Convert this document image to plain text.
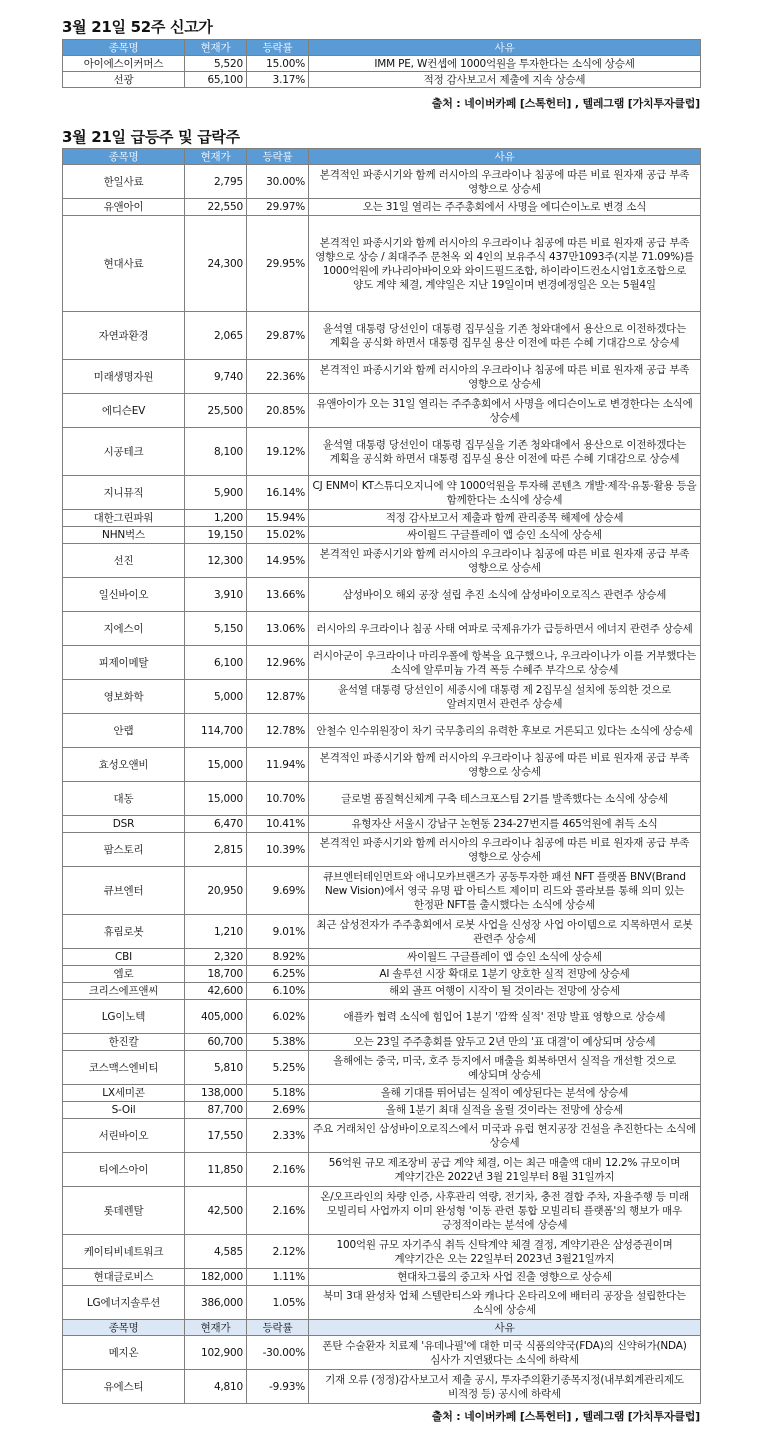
3월 21일 52주 신고가
종목명	현재가	등락률	사유
아이에스이커머스	5,520	15.00%	IMM PE, W컨셉에 1000억원을 투자한다는 소식에 상승세
선광	65,100	3.17%	적정 감사보고서 제출에 지속 상승세
출처 : 네이버카페 [스톡헌터] , 텔레그램 [가치투자클럽]
3월 21일 급등주 및 급락주
종목명	현재가	등락률	사유
한일사료	2,795	30.00%	본격적인 파종시기와 함께 러시아의 우크라이나 침공에 따른 비료 원자재 공급 부족 영향으로 상승세
유앤아이	22,550	29.97%	오는 31일 열리는 주주총회에서 사명을 에디슨이노로 변경 소식
현대사료	24,300	29.95%	본격적인 파종시기와 함께 러시아의 우크라이나 침공에 따른 비료 원자재 공급 부족 영향으로 상승 / 최대주주 문천옥 외 4인의 보유주식 437만1093주(지분 71.09%)를 1000억원에 카나리아바이오와 와이드필드조합, 하이라이드컨소시엄1호조합으로 양도 계약 체결, 계약일은 지난 19일이며 변경예정일은 오는 5월4일
자연과환경	2,065	29.87%	윤석열 대통령 당선인이 대통령 집무실을 기존 청와대에서 용산으로 이전하겠다는 계획을 공식화 하면서 대통령 집무실 용산 이전에 따른 수혜 기대감으로 상승세
미래생명자원	9,740	22.36%	본격적인 파종시기와 함께 러시아의 우크라이나 침공에 따른 비료 원자재 공급 부족 영향으로 상승세
에디슨EV	25,500	20.85%	유앤아이가 오는 31일 열리는 주주총회에서 사명을 에디슨이노로 변경한다는 소식에 상승세
시공테크	8,100	19.12%	윤석열 대통령 당선인이 대통령 집무실을 기존 청와대에서 용산으로 이전하겠다는 계획을 공식화 하면서 대통령 집무실 용산 이전에 따른 수혜 기대감으로 상승세
지니뮤직	5,900	16.14%	CJ ENM이 KT스튜디오지니에 약 1000억원을 투자해 콘텐츠 개발·제작·유통·활용 등을 함께한다는 소식에 상승세
대한그린파워	1,200	15.94%	적정 감사보고서 제출과 함께 관리종목 해제에 상승세
NHN벅스	19,150	15.02%	싸이월드 구글플레이 앱 승인 소식에 상승세
선진	12,300	14.95%	본격적인 파종시기와 함께 러시아의 우크라이나 침공에 따른 비료 원자재 공급 부족 영향으로 상승세
일신바이오	3,910	13.66%	삼성바이오 해외 공장 설립 추진 소식에 삼성바이오로직스 관련주 상승세
지에스이	5,150	13.06%	러시아의 우크라이나 침공 사태 여파로 국제유가가 급등하면서 에너지 관련주 상승세
피제이메탈	6,100	12.96%	러시아군이 우크라이나 마리우폴에 항복을 요구했으나, 우크라이나가 이를 거부했다는 소식에 알루미늄 가격 폭등 수혜주 부각으로 상승세
영보화학	5,000	12.87%	윤석열 대통령 당선인이 세종시에 대통령 제 2집무실 설치에 동의한 것으로 알려지면서 관련주 상승세
안랩	114,700	12.78%	안철수 인수위원장이 차기 국무총리의 유력한 후보로 거론되고 있다는 소식에 상승세
효성오앤비	15,000	11.94%	본격적인 파종시기와 함께 러시아의 우크라이나 침공에 따른 비료 원자재 공급 부족 영향으로 상승세
대동	15,000	10.70%	글로벌 품질혁신체계 구축 테스크포스팀 2기를 발족했다는 소식에 상승세
DSR	6,470	10.41%	유형자산 서울시 강남구 논현동 234-27번지를 465억원에 취득 소식
팜스토리	2,815	10.39%	본격적인 파종시기와 함께 러시아의 우크라이나 침공에 따른 비료 원자재 공급 부족 영향으로 상승세
큐브엔터	20,950	9.69%	큐브엔터테인먼트와 애니모카브랜즈가 공동투자한 패션 NFT 플랫폼 BNV(Brand New Vision)에서 영국 유명 팝 아티스트 제이미 리드와 콜라보를 통해 의미 있는 한정판 NFT를 출시했다는 소식에 상승세
휴림로봇	1,210	9.01%	최근 삼성전자가 주주총회에서 로봇 사업을 신성장 사업 아이템으로 지목하면서 로봇 관련주 상승세
CBI	2,320	8.92%	싸이월드 구글플레이 앱 승인 소식에 상승세
엠로	18,700	6.25%	AI 솔루션 시장 확대로 1분기 양호한 실적 전망에 상승세
크리스에프앤씨	42,600	6.10%	해외 골프 여행이 시작이 될 것이라는 전망에 상승세
LG이노텍	405,000	6.02%	애플카 협력 소식에 힘입어 1분기 '깜짝 실적' 전망 발표 영향으로 상승세
한진칼	60,700	5.38%	오는 23일 주주총회를 앞두고 2년 만의 '표 대결'이 예상되며 상승세
코스맥스엔비티	5,810	5.25%	올해에는 중국, 미국, 호주 등지에서 매출을 회복하면서 실적을 개선할 것으로 예상되며 상승세
LX세미콘	138,000	5.18%	올해 기대를 뛰어넘는 실적이 예상된다는 분석에 상승세
S-Oil	87,700	2.69%	올해 1분기 최대 실적을 올릴 것이라는 전망에 상승세
서린바이오	17,550	2.33%	주요 거래처인 삼성바이오로직스에서 미국과 유럽 현지공장 건설을 추진한다는 소식에 상승세
티에스아이	11,850	2.16%	56억원 규모 제조장비 공급 계약 체결, 이는 최근 매출액 대비 12.2% 규모이며 계약기간은 2022년 3월 21일부터 8월 31일까지
롯데렌탈	42,500	2.16%	온/오프라인의 차량 인증, 사후관리 역량, 전기차, 충전 결합 주차, 자율주행 등 미래 모빌리티 사업까지 이미 완성형 '이동 관련 통합 모빌리티 플랫폼'의 행보가 매우 긍정적이라는 분석에 상승세
케이티비네트워크	4,585	2.12%	100억원 규모 자기주식 취득 신탁계약 체결 결정, 계약기관은 삼성증권이며 계약기간은 오는 22일부터 2023년 3월21일까지
현대글로비스	182,000	1.11%	현대차그룹의 중고차 사업 진출 영향으로 상승세
LG에너지솔루션	386,000	1.05%	북미 3대 완성차 업체 스텔란티스와 캐나다 온타리오에 배터리 공장을 설립한다는 소식에 상승세
종목명	현재가	등락률	사유
메지온	102,900	-30.00%	폰탄 수술환자 치료제 '유데나필'에 대한 미국 식품의약국(FDA)의 신약허가(NDA) 심사가 지연됐다는 소식에 하락세
유에스티	4,810	-9.93%	기재 오류 (정정)감사보고서 제출 공시, 투자주의환기종목지정(내부회계관리제도 비적정 등) 공시에 하락세
출처 : 네이버카페 [스톡헌터] , 텔레그램 [가치투자클럽]
